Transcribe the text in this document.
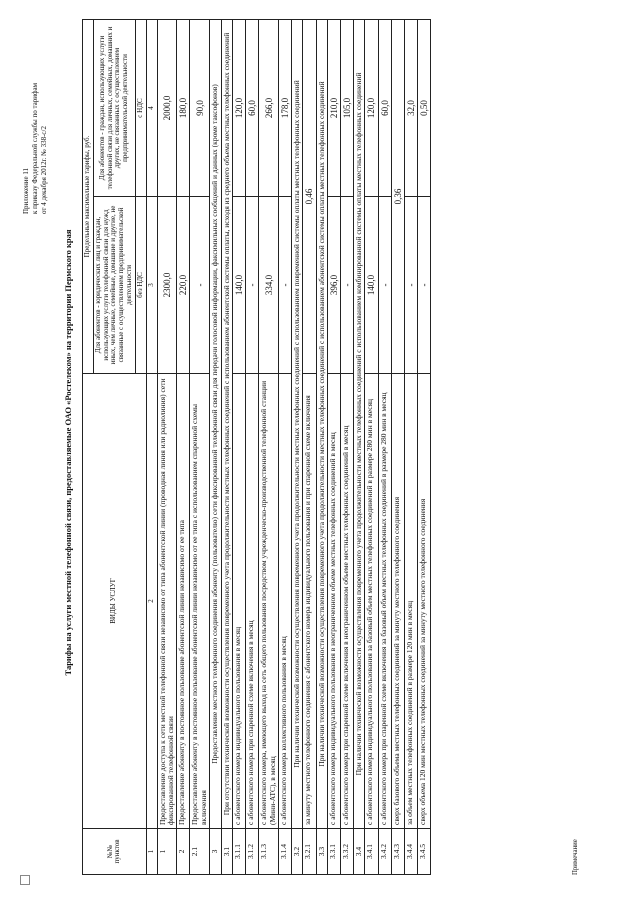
Приложение 11 к приказу Федеральной службы по тарифам от 4 декабря 2012г. № 338-с/2
Тарифы на услуги местной телефонной связи, предоставляемые ОАО «Ростелеком» на территории Пермского края
№№ пунктов	ВИДЫ УСЛУГ	Предельные максимальные тарифы, руб.	
		Для абонентов - юридических лиц и граждан, использующих услуги телефонной связи для нужд иных, чем личные, семейные, домашние и другие, не связанные с осуществлением предпринимательской деятельности	Для абонентов - граждан, использующих услуги телефонной связи для личных, семейных, домашних и других, не связанных с осуществлением предпринимательской деятельности
		без НДС	с НДС
1	2	3	4
1	Предоставление доступа к сети местной телефонной связи независимо от типа абонентской линии (проводная линия или радиолиния) сети фиксированной телефонной связи	2300,0	2000,0
2	Предоставление абоненту в постоянное пользование абонентской линии независимо от ее типа	220,0	180,0
2.1	Предоставление абоненту в постоянное пользование абонентской линии независимо от ее типа с использованием спаренной схемы включения	-	90,0
3	Предоставление местного телефонного соединения абоненту (пользователю) сети фиксированной телефонной связи для передачи голосовой информации, факсимильных сообщений и данных (кроме таксофонов)		
3.1	При отсутствии технической возможности осуществления повременного учета продолжительности местных телефонных соединений с использованием абонентской системы оплаты, исходя из среднего объема местных телефонных соединений		
3.1.1	с абонентского номера индивидуального пользования в месяц	140,0	120,0
3.1.2	с абонентского номера при спаренной схеме включения в месяц	-	60,0
3.1.3	с абонентского номера, имеющего выход на сеть общего пользования посредством учрежденческо-производственной телефонной станции (Мини-АТС), в месяц	334,0	266,0
3.1.4	с абонентского номера коллективного пользования в месяц	-	178,0
3.2	При наличии технической возможности осуществления повременного учета продолжительности местных телефонных соединений с использованием повременной системы оплаты местных телефонных соединений		
3.2.1	за минуту местного телефонного соединения с абонентского номера индивидуального пользования и при спаренной схеме включения	0,46	
3.3	При наличии технической возможности осуществления повременного учета продолжительности местных телефонных соединений с использованием абонентской системы оплаты местных телефонных соединений		
3.3.1	с абонентского номера индивидуального пользования в неограниченном объеме местных телефонных соединений в месяц	396,0	210,0
3.3.2	с абонентского номера при спаренной схеме включения в неограниченном объеме местных телефонных соединений в месяц	-	105,0
3.4	При наличии технической возможности осуществления повременного учета продолжительности местных телефонных соединений с использованием комбинированной системы оплаты местных телефонных соединений		
3.4.1	с абонентского номера индивидуального пользования за базовый объем местных телефонных соединений в размере 280 мин в месяц	140,0	120,0
3.4.2	с абонентского номера при спаренной схеме включения за базовый объем местных телефонных соединений в размере 280 мин в месяц	-	60,0
3.4.3	сверх базового объема местных телефонных соединений за минуту местного телефонного соединения	0,36	
3.4.4	за объем местных телефонных соединений в размере 120 мин в месяц	-	32,0
3.4.5	сверх объема 120 мин местных телефонных соединений за минуту местного телефонного соединения	-	0,50
Примечание
